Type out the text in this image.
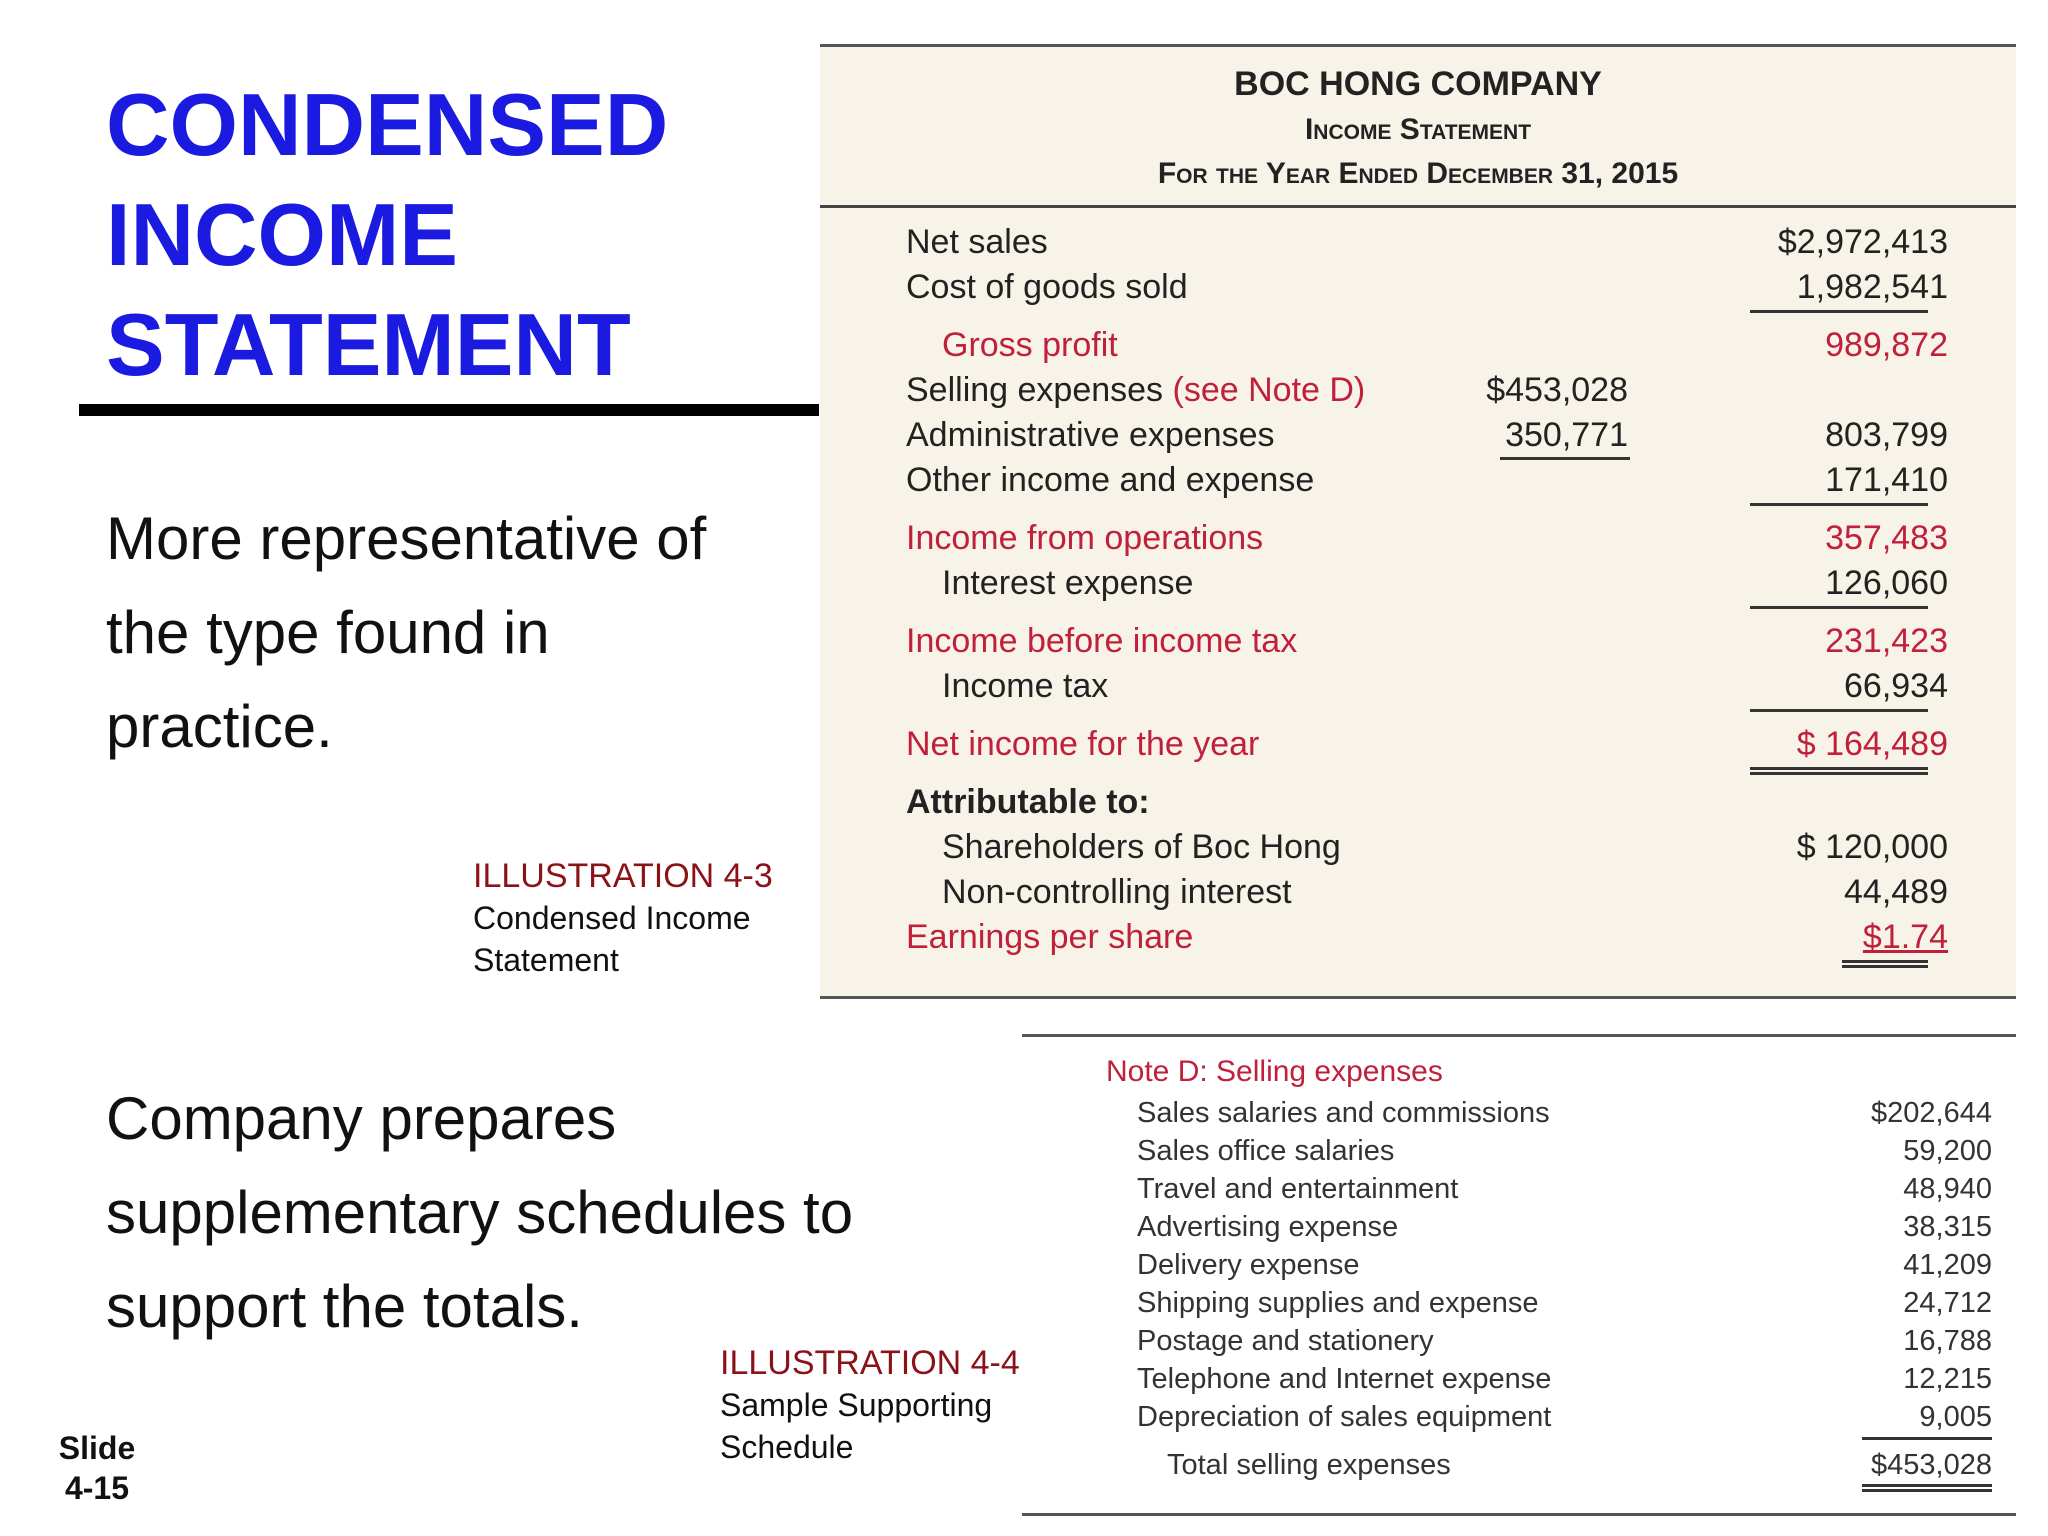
CONDENSED
INCOME
STATEMENT
More representative of
the type found in
practice.
ILLUSTRATION 4-3
Condensed Income
Statement
Company prepares
supplementary schedules to
support the totals.
ILLUSTRATION 4-4
Sample Supporting
Schedule
Slide
4-15
BOC HONG COMPANY
Income Statement
For the Year Ended December 31, 2015
Net sales	$2,972,413
Cost of goods sold	1,982,541
Gross profit	989,872
Selling expenses (see Note D)	$453,028
Administrative expenses	350,771	803,799
Other income and expense	171,410
Income from operations	357,483
Interest expense	126,060
Income before income tax	231,423
Income tax	66,934
Net income for the year	$ 164,489
Attributable to:
Shareholders of Boc Hong	$ 120,000
Non-controlling interest	44,489
Earnings per share	$1.74
Note D: Selling expenses
Sales salaries and commissions	$202,644
Sales office salaries	59,200
Travel and entertainment	48,940
Advertising expense	38,315
Delivery expense	41,209
Shipping supplies and expense	24,712
Postage and stationery	16,788
Telephone and Internet expense	12,215
Depreciation of sales equipment	9,005
Total selling expenses	$453,028
